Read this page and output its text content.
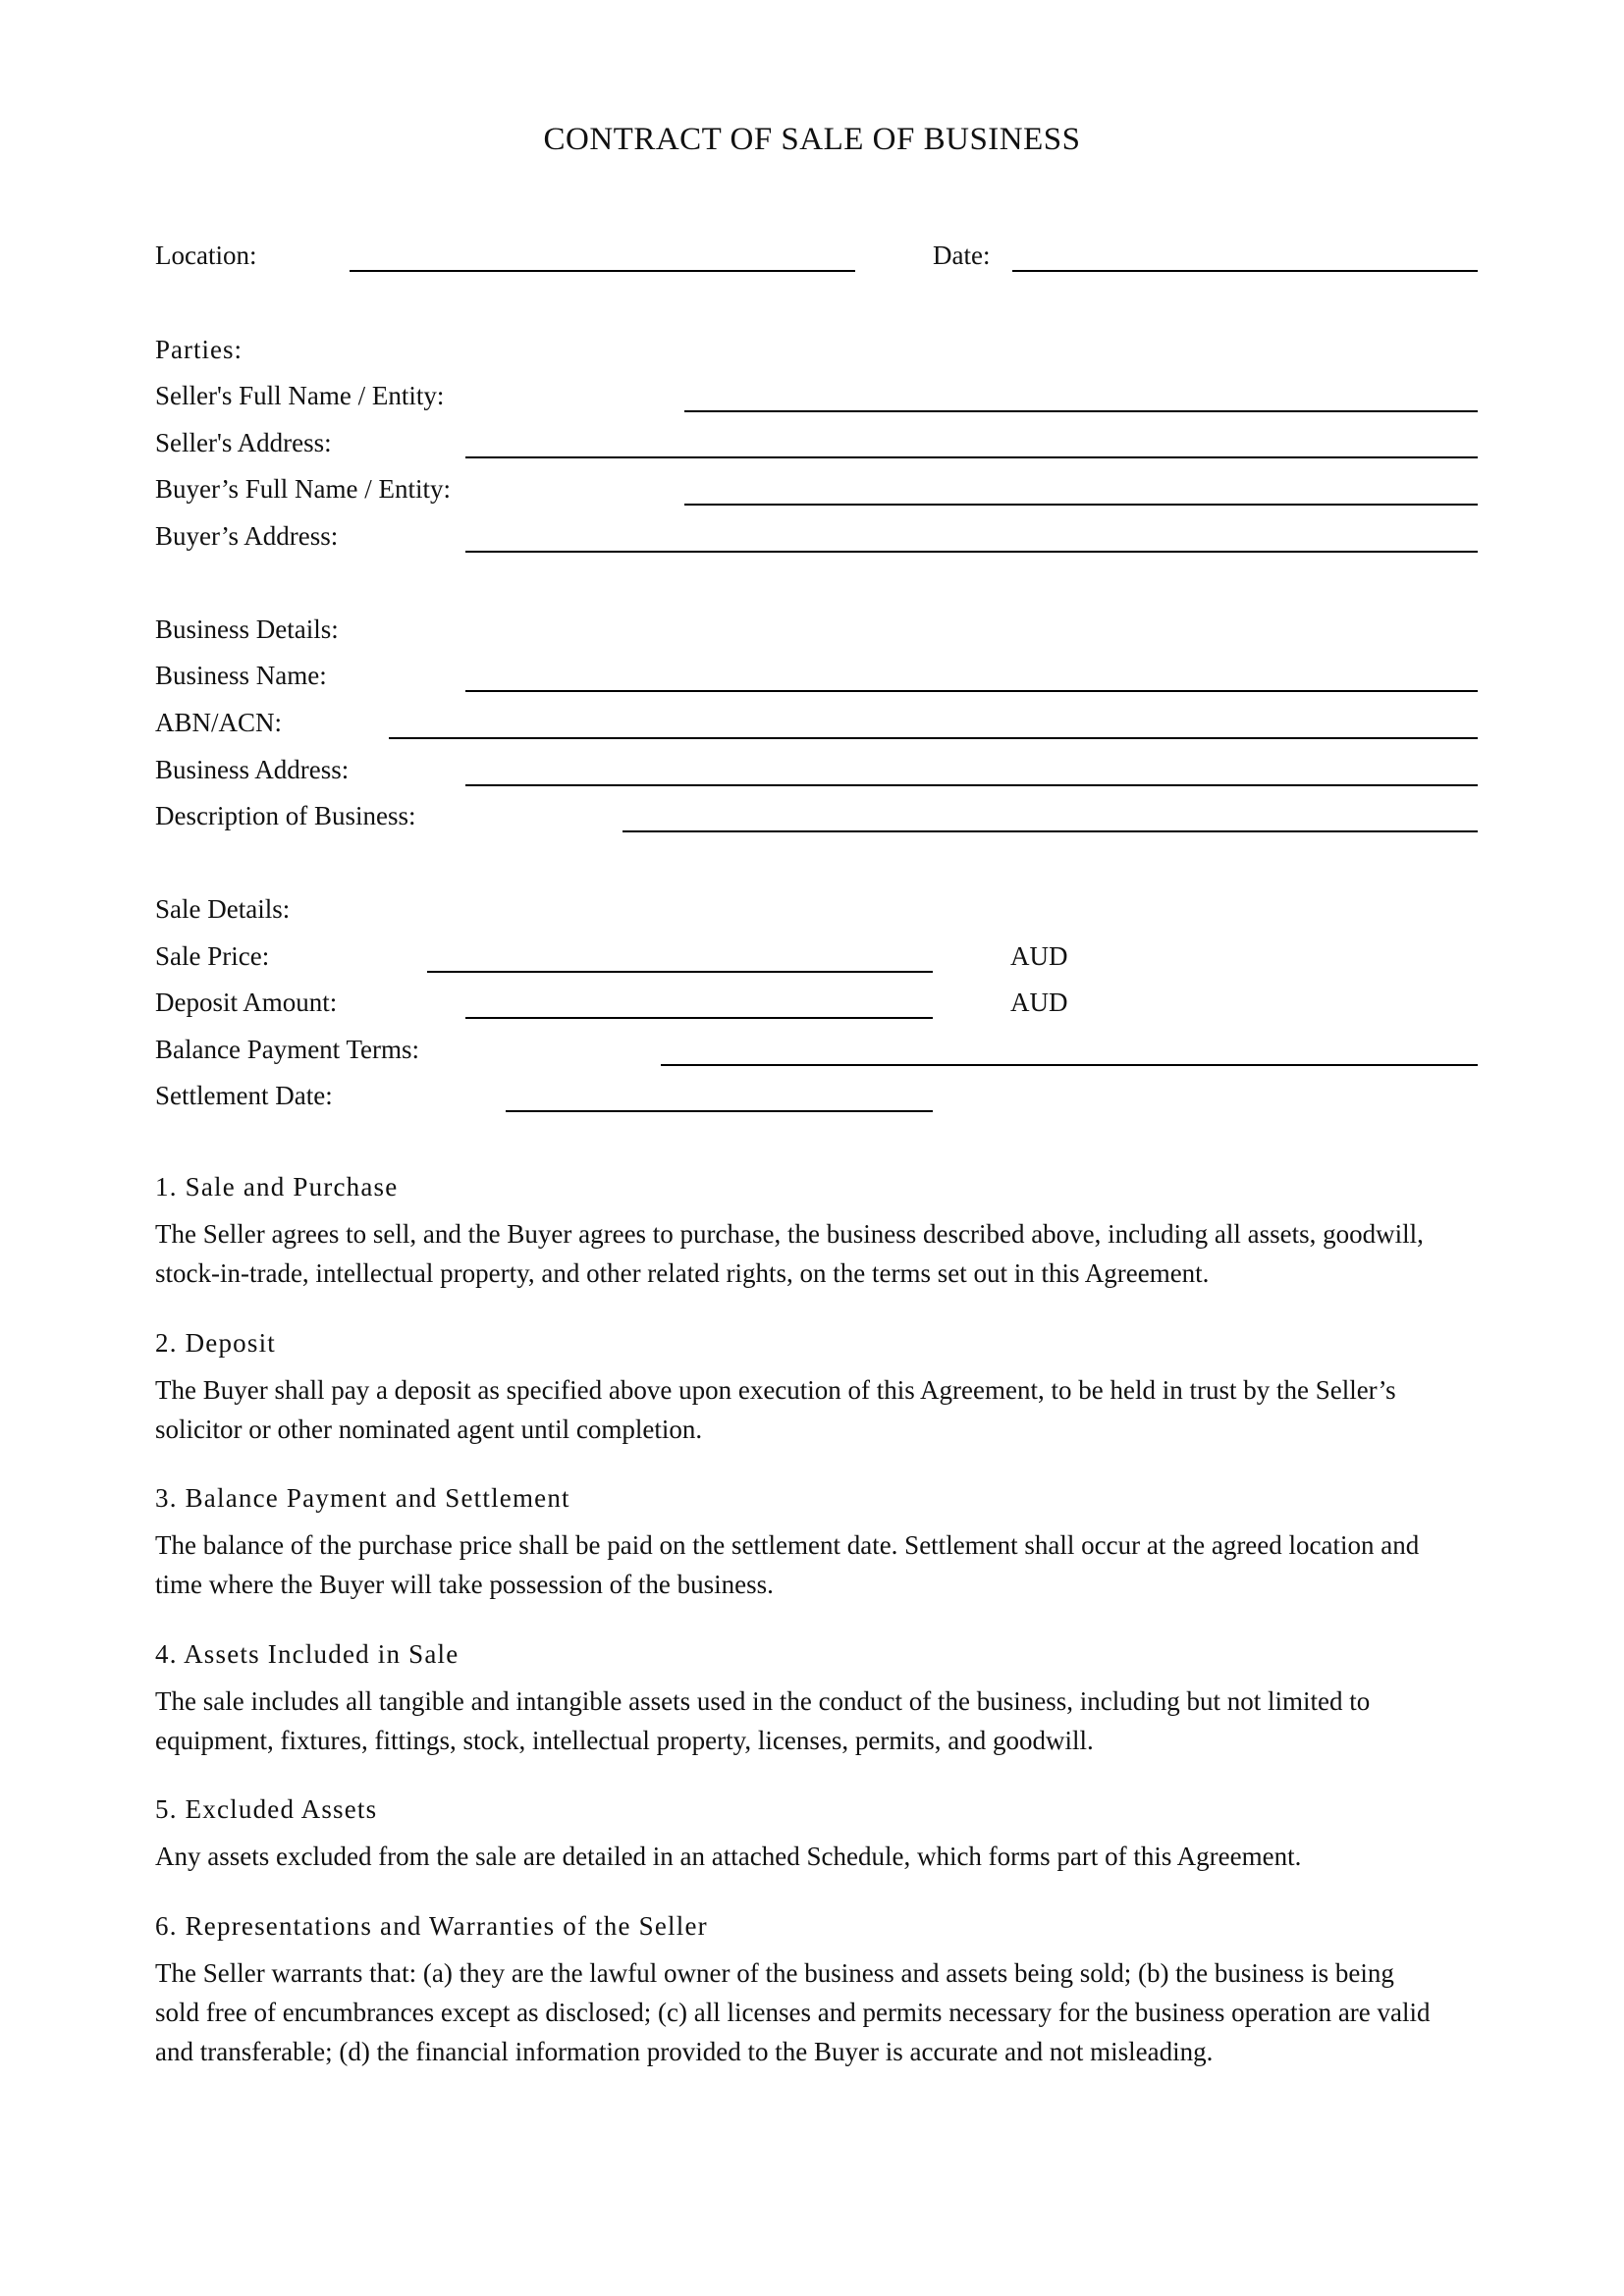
CONTRACT OF SALE OF BUSINESS
Location:	Date:
Parties:
Seller's Full Name / Entity:
Seller's Address:
Buyer’s Full Name / Entity:
Buyer’s Address:
Business Details:
Business Name:
ABN/ACN:
Business Address:
Description of Business:
Sale Details:
Sale Price:	AUD
Deposit Amount:	AUD
Balance Payment Terms:
Settlement Date:
1. Sale and Purchase
The Seller agrees to sell, and the Buyer agrees to purchase, the business described above, including all assets, goodwill,
stock-in-trade, intellectual property, and other related rights, on the terms set out in this Agreement.
2. Deposit
The Buyer shall pay a deposit as specified above upon execution of this Agreement, to be held in trust by the Seller’s
solicitor or other nominated agent until completion.
3. Balance Payment and Settlement
The balance of the purchase price shall be paid on the settlement date. Settlement shall occur at the agreed location and
time where the Buyer will take possession of the business.
4. Assets Included in Sale
The sale includes all tangible and intangible assets used in the conduct of the business, including but not limited to
equipment, fixtures, fittings, stock, intellectual property, licenses, permits, and goodwill.
5. Excluded Assets
Any assets excluded from the sale are detailed in an attached Schedule, which forms part of this Agreement.
6. Representations and Warranties of the Seller
The Seller warrants that: (a) they are the lawful owner of the business and assets being sold; (b) the business is being
sold free of encumbrances except as disclosed; (c) all licenses and permits necessary for the business operation are valid
and transferable; (d) the financial information provided to the Buyer is accurate and not misleading.
